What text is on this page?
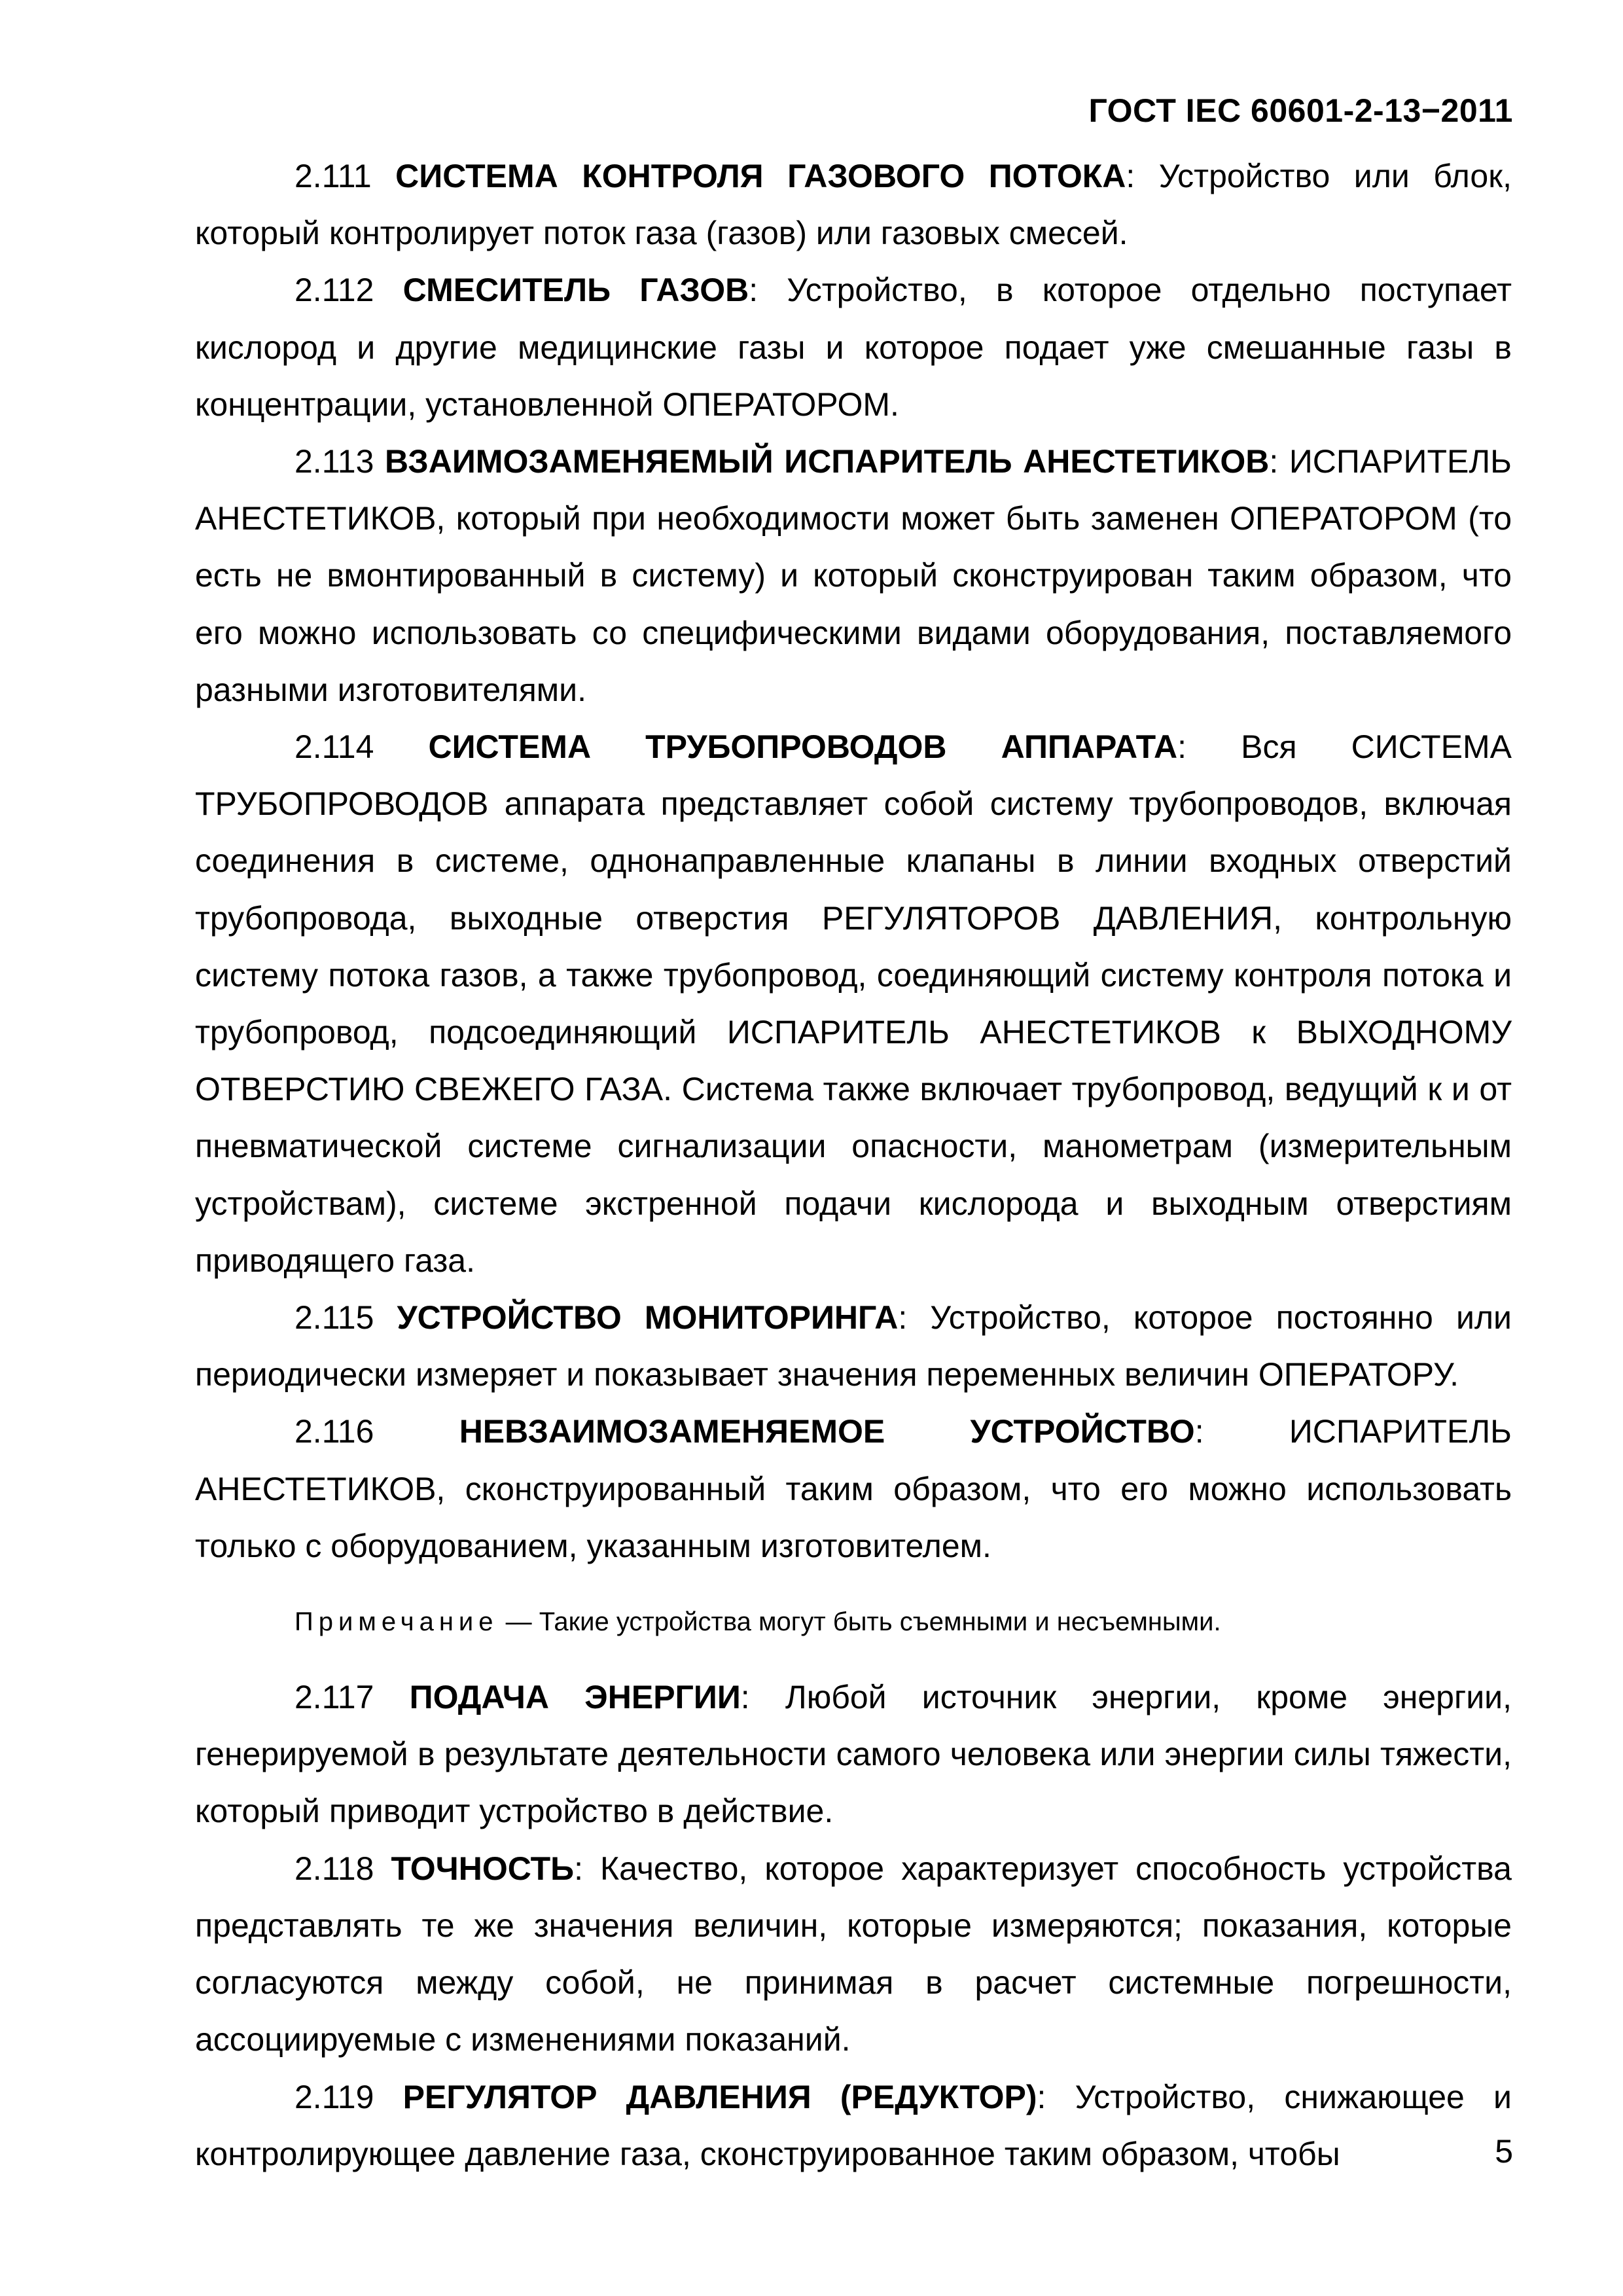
ГОСТ IEC 60601-2-13−2011

2.111 СИСТЕМА КОНТРОЛЯ ГАЗОВОГО ПОТОКА: Устройство или блок, который контролирует поток газа (газов) или газовых смесей.

2.112 СМЕСИТЕЛЬ ГАЗОВ: Устройство, в которое отдельно поступает кислород и другие медицинские газы и которое подает уже смешанные газы в концентрации, установленной ОПЕРАТОРОМ.

2.113 ВЗАИМОЗАМЕНЯЕМЫЙ ИСПАРИТЕЛЬ АНЕСТЕТИКОВ: ИСПАРИТЕЛЬ АНЕСТЕТИКОВ, который при необходимости может быть заменен ОПЕРАТОРОМ (то есть не вмонтированный в систему) и который сконструирован таким образом, что его можно использовать со специфическими видами оборудования, поставляемого разными изготовителями.

2.114 СИСТЕМА ТРУБОПРОВОДОВ АППАРАТА: Вся СИСТЕМА ТРУБОПРОВОДОВ аппарата представляет собой систему трубопроводов, включая соединения в системе, однонаправленные клапаны в линии входных отверстий трубопровода, выходные отверстия РЕГУЛЯТОРОВ ДАВЛЕНИЯ, контрольную систему потока газов, а также трубопровод, соединяющий систему контроля потока и трубопровод, подсоединяющий ИСПАРИТЕЛЬ АНЕСТЕТИКОВ к ВЫХОДНОМУ ОТВЕРСТИЮ СВЕЖЕГО ГАЗА. Система также включает трубопровод, ведущий к и от пневматической системе сигнализации опасности, манометрам (измерительным устройствам), системе экстренной подачи кислорода и выходным отверстиям приводящего газа.

2.115 УСТРОЙСТВО МОНИТОРИНГА: Устройство, которое постоянно или периодически измеряет и показывает значения переменных величин ОПЕРАТОРУ.

2.116	НЕВЗАИМОЗАМЕНЯЕМОЕ УСТРОЙСТВО: ИСПАРИТЕЛЬ АНЕСТЕТИКОВ, сконструированный таким образом, что его можно использовать только с оборудованием, указанным изготовителем.

Примечание — Такие устройства могут быть съемными и несъемными.

2.117 ПОДАЧА ЭНЕРГИИ: Любой источник энергии, кроме энергии, генерируемой в результате деятельности самого человека или энергии силы тяжести, который приводит устройство в действие.

2.118 ТОЧНОСТЬ: Качество, которое характеризует способность устройства представлять те же значения величин, которые измеряются; показания, которые согласуются между собой, не принимая в расчет системные погрешности, ассоциируемые с изменениями показаний.

2.119 РЕГУЛЯТОР ДАВЛЕНИЯ (РЕДУКТОР): Устройство, снижающее и контролирующее давление газа, сконструированное таким образом, чтобы	5
